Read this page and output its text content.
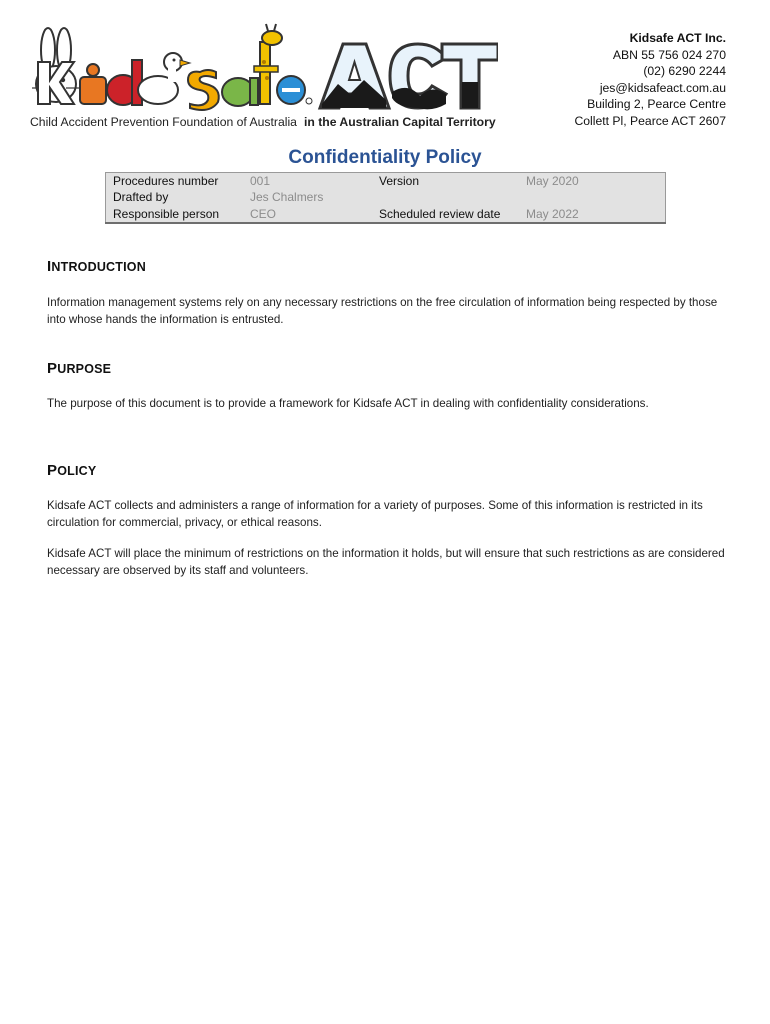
Child Accident Prevention Foundation of Australia in the Australian Capital Territory
Kidsafe ACT Inc.
ABN 55 756 024 270
(02) 6290 2244
jes@kidsafeact.com.au
Building 2, Pearce Centre
Collett Pl, Pearce ACT 2607
Confidentiality Policy
Procedures number	001	Version	May 2020
Drafted by	Jes Chalmers		
Responsible person	CEO	Scheduled review date	May 2022
INTRODUCTION

Information management systems rely on any necessary restrictions on the free circulation of information being respected by those into whose hands the information is entrusted.

PURPOSE

The purpose of this document is to provide a framework for Kidsafe ACT in dealing with confidentiality considerations.

POLICY

Kidsafe ACT collects and administers a range of information for a variety of purposes. Some of this information is restricted in its circulation for commercial, privacy, or ethical reasons.

Kidsafe ACT will place the minimum of restrictions on the information it holds, but will ensure that such restrictions as are considered necessary are observed by its staff and volunteers.
